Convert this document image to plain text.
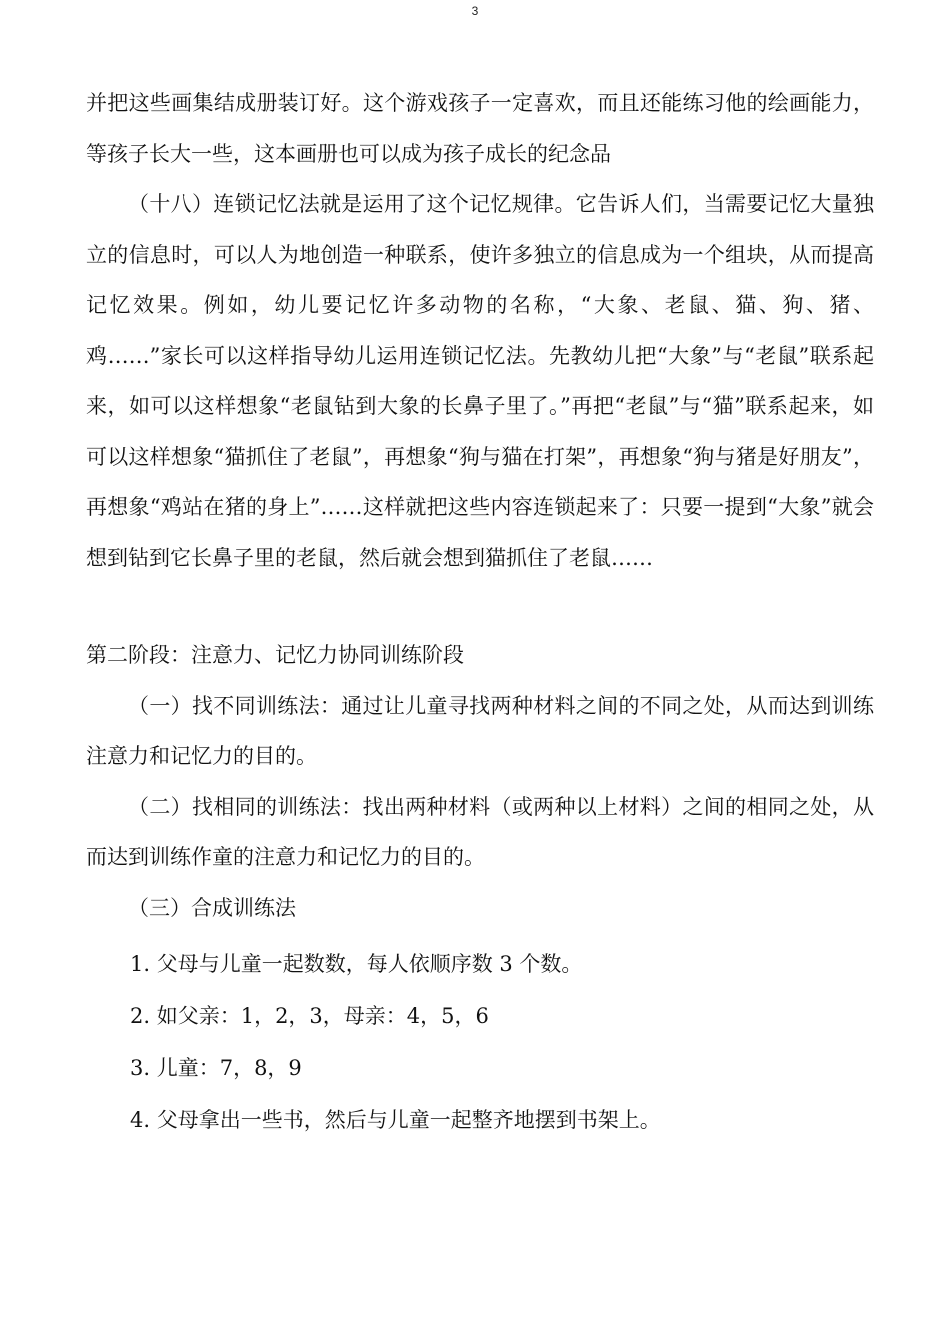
3

并把这些画集结成册装订好。这个游戏孩子一定喜欢，而且还能练习他的绘画能力，等孩子长大一些，这本画册也可以成为孩子成长的纪念品

（十八）连锁记忆法就是运用了这个记忆规律。它告诉人们，当需要记忆大量独立的信息时，可以人为地创造一种联系，使许多独立的信息成为一个组块，从而提高记忆效果。例如，幼儿要记忆许多动物的名称，“大象、老鼠、猫、狗、猪、鸡……”家长可以这样指导幼儿运用连锁记忆法。先教幼儿把“大象”与“老鼠”联系起来，如可以这样想象“老鼠钻到大象的长鼻子里了。”再把“老鼠”与“猫”联系起来，如可以这样想象“猫抓住了老鼠”，再想象“狗与猫在打架”，再想象“狗与猪是好朋友”，再想象“鸡站在猪的身上”……这样就把这些内容连锁起来了：只要一提到“大象”就会想到钻到它长鼻子里的老鼠，然后就会想到猫抓住了老鼠……

第二阶段：注意力、记忆力协同训练阶段

（一）找不同训练法：通过让儿童寻找两种材料之间的不同之处，从而达到训练注意力和记忆力的目的。

（二）找相同的训练法：找出两种材料（或两种以上材料）之间的相同之处，从而达到训练作童的注意力和记忆力的目的。

（三）合成训练法

1. 父母与儿童一起数数，每人依顺序数 3 个数。
2. 如父亲：1，2，3，母亲：4，5，6
3. 儿童：7，8，9
4. 父母拿出一些书，然后与儿童一起整齐地摆到书架上。
